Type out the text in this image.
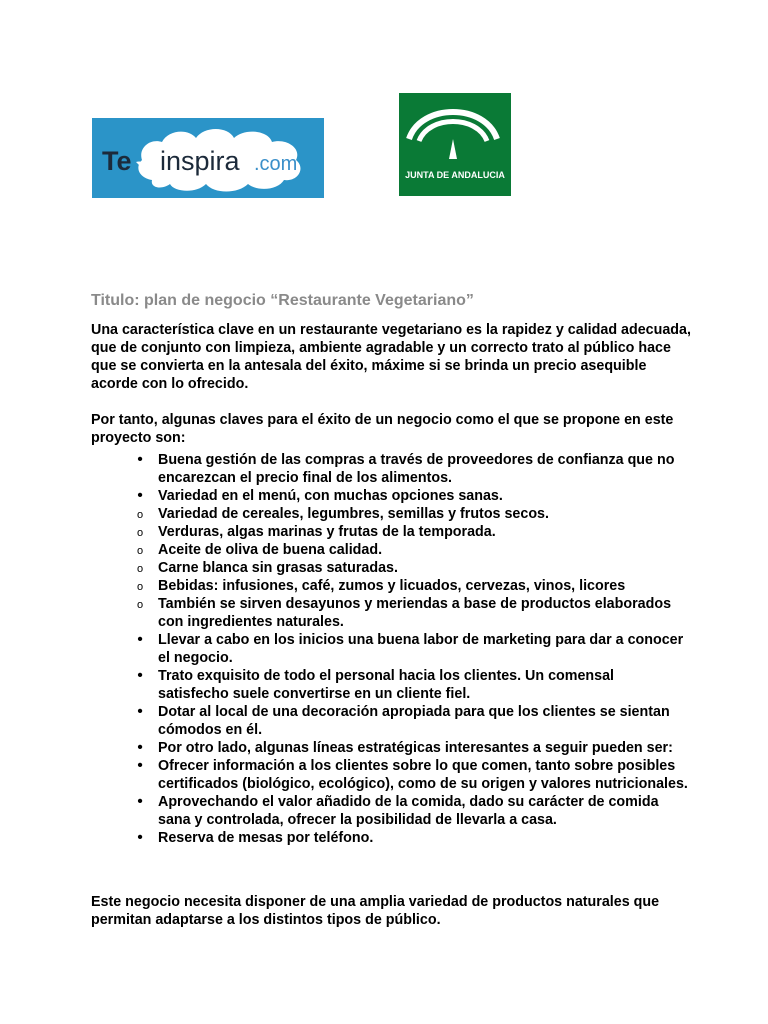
Te inspira .com	JUNTA DE ANDALUCIA
Titulo: plan de negocio “Restaurante Vegetariano”

Una característica clave en un restaurante vegetariano es la rapidez y calidad adecuada, que de conjunto con limpieza, ambiente agradable y un correcto trato al público hace que se convierta en la antesala del éxito, máxime si se brinda un precio asequible acorde con lo ofrecido.

Por tanto, algunas claves para el éxito de un negocio como el que se propone en este proyecto son:

• Buena gestión de las compras a través de proveedores de confianza que no encarezcan el precio final de los alimentos.
• Variedad en el menú, con muchas opciones sanas.
o Variedad de cereales, legumbres, semillas y frutos secos.
o Verduras, algas marinas y frutas de la temporada.
o Aceite de oliva de buena calidad.
o Carne blanca sin grasas saturadas.
o Bebidas: infusiones, café, zumos y licuados, cervezas, vinos, licores
o También se sirven desayunos y meriendas a base de productos elaborados con ingredientes naturales.
• Llevar a cabo en los inicios una buena labor de marketing para dar a conocer el negocio.
• Trato exquisito de todo el personal hacia los clientes. Un comensal satisfecho suele convertirse en un cliente fiel.
• Dotar al local de una decoración apropiada para que los clientes se sientan cómodos en él.
• Por otro lado, algunas líneas estratégicas interesantes a seguir pueden ser:
• Ofrecer información a los clientes sobre lo que comen, tanto sobre posibles certificados (biológico, ecológico), como de su origen y valores nutricionales.
• Aprovechando el valor añadido de la comida, dado su carácter de comida sana y controlada, ofrecer la posibilidad de llevarla a casa.
• Reserva de mesas por teléfono.

Este negocio necesita disponer de una amplia variedad de productos naturales que permitan adaptarse a los distintos tipos de público.
